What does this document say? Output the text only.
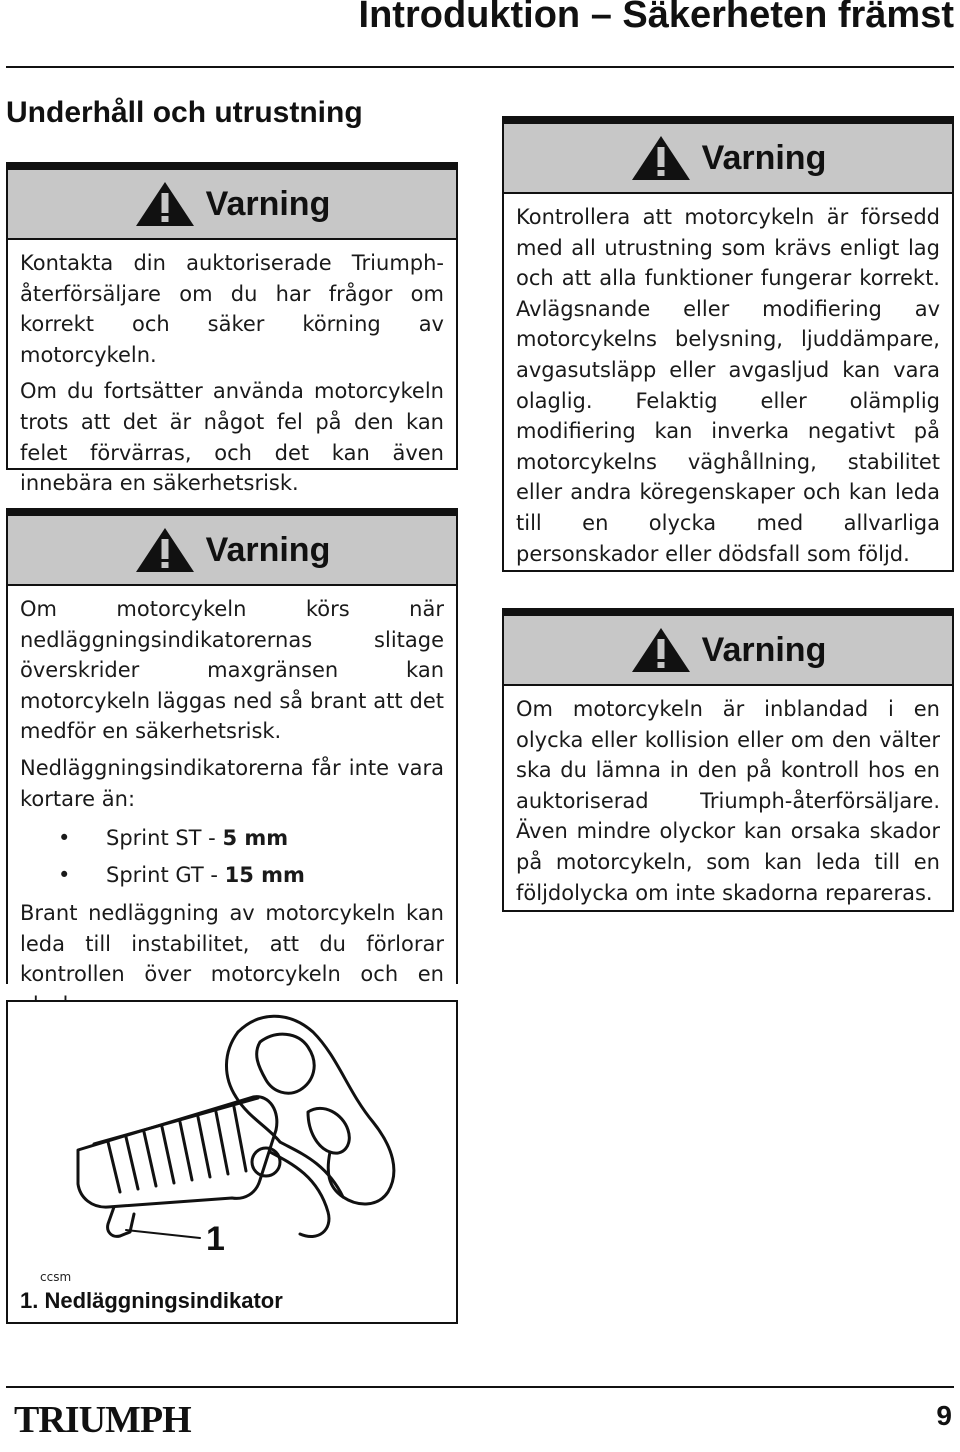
Introduktion – Säkerheten främst
Underhåll och utrustning
Varning

Kontakta din auktoriserade Triumph-återförsäljare om du har frågor om korrekt och säker körning av motorcykeln.

Om du fortsätter använda motorcykeln trots att det är något fel på den kan felet förvärras, och det kan även innebära en säkerhetsrisk.

Varning

Om motorcykeln körs när nedläggningsindikatorernas slitage överskrider maxgränsen kan motorcykeln läggas ned så brant att det medför en säkerhetsrisk.

Nedläggningsindikatorerna får inte vara kortare än:

• Sprint ST - 5 mm
• Sprint GT - 15 mm

Brant nedläggning av motorcykeln kan leda till instabilitet, att du förlorar kontrollen över motorcykeln och en

Varning

Kontrollera att motorcykeln är försedd med all utrustning som krävs enligt lag och att alla funktioner fungerar korrekt. Avlägsnande eller modifiering av motorcykelns belysning, ljuddämpare, avgasutsläpp eller avgasljud kan vara olaglig. Felaktig eller olämplig modifiering kan inverka negativt på motorcykelns väghållning, stabilitet eller andra köregenskaper och kan leda till en olycka med allvarliga personskador eller dödsfall som följd.

Varning

Om motorcykeln är inblandad i en olycka eller kollision eller om den välter ska du lämna in den på kontroll hos en auktoriserad Triumph-återförsäljare. Även mindre olyckor kan orsaka skador på motorcykeln, som kan leda till en följdolycka om inte skadorna repareras.

1
ccsm
1. Nedläggningsindikator
TRIUMPH	9
